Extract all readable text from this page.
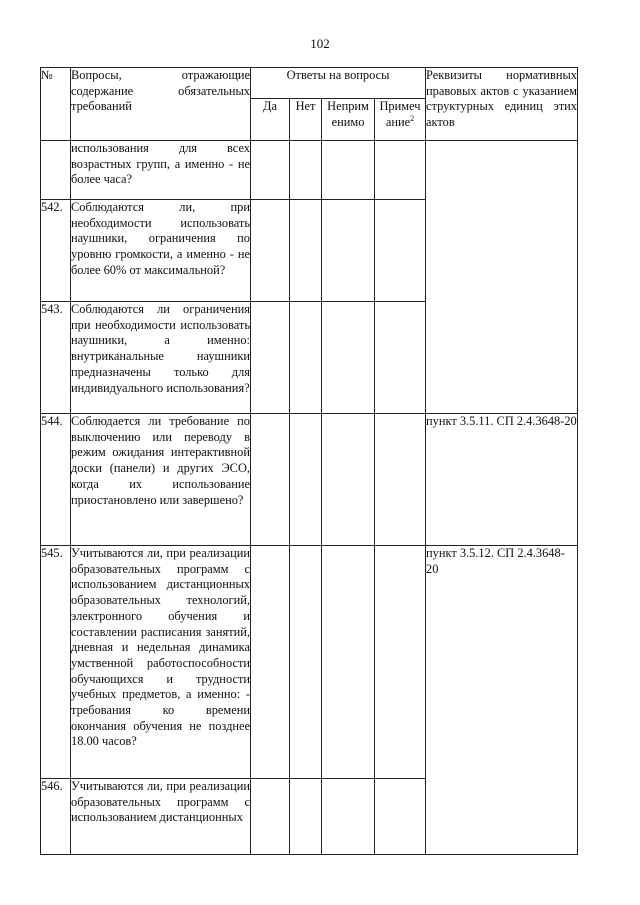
102
№	Вопросы, отражающие содержание обязательных требований	Ответы на вопросы				Реквизиты нормативных правовых актов с указанием структурных единиц этих актов
		Да	Нет	Неприм енимо	Примеч ание$^2$
	использования для всех возрастных групп, а именно - не более часа?					
542.	Соблюдаются ли, при необходимости использовать наушники, ограничения по уровню громкости, а именно - не более 60% от максимальной?					
543.	Соблюдаются ли ограничения при необходимости использовать наушники, а именно: внутриканальные наушники предназначены только для индивидуального использования?					
544.	Соблюдается ли требование по выключению или переводу в режим ожидания интерактивной доски (панели) и других ЭСО, когда их использование приостановлено или завершено?					пункт 3.5.11. СП 2.4.3648-20
545.	Учитываются ли, при реализации образовательных программ с использованием дистанционных образовательных технологий, электронного обучения и составлении расписания занятий, дневная и недельная динамика умственной работоспособности обучающихся и трудности учебных предметов, а именно: - требования ко времени окончания обучения не позднее 18.00 часов?					пункт 3.5.12. СП 2.4.3648-20
546.	Учитываются ли, при реализации образовательных программ с использованием дистанционных					
